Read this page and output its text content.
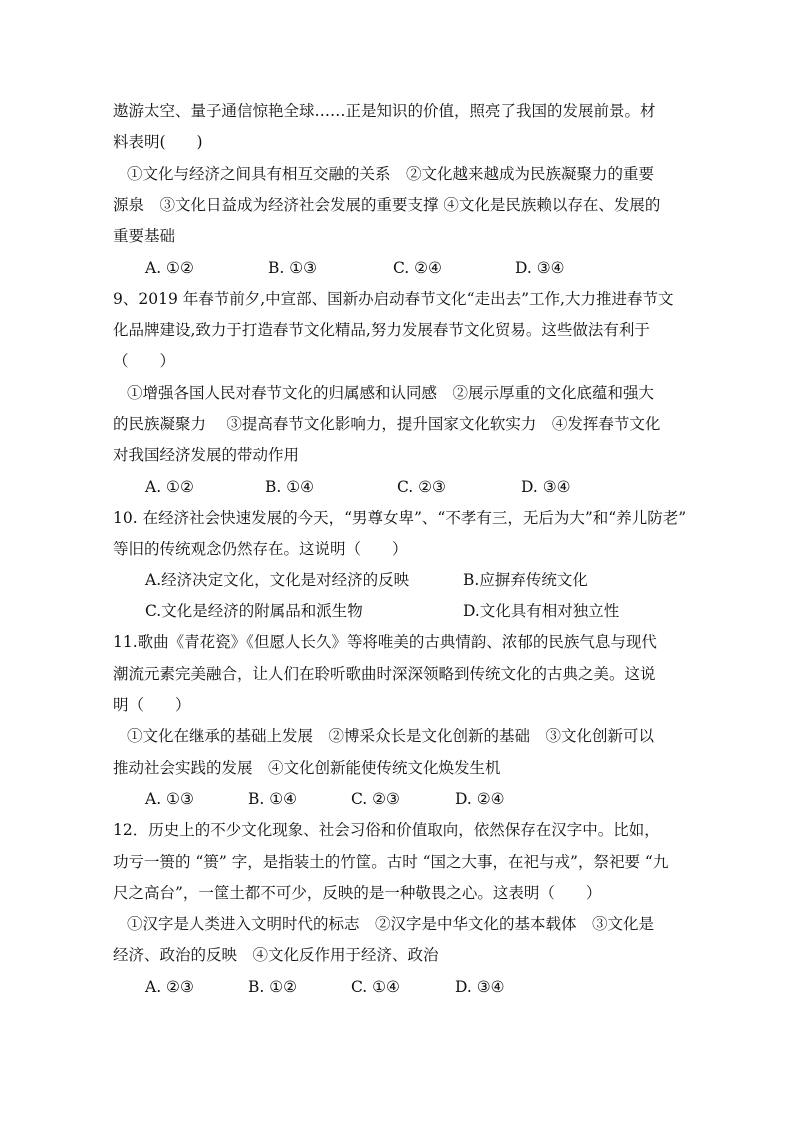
遨游太空、量子通信惊艳全球……正是知识的价值，照亮了我国的发展前景。材
料表明(　　)
①文化与经济之间具有相互交融的关系　②文化越来越成为民族凝聚力的重要
源泉　③文化日益成为经济社会发展的重要支撑 ④文化是民族赖以存在、发展的
重要基础
A. ①②	B. ①③	C. ②④	D. ③④
9、2019 年春节前夕,中宣部、国新办启动春节文化“走出去”工作,大力推进春节文
化品牌建设,致力于打造春节文化精品,努力发展春节文化贸易。这些做法有利于
（　　）
①增强各国人民对春节文化的归属感和认同感　②展示厚重的文化底蕴和强大
的民族凝聚力　 ③提高春节文化影响力，提升国家文化软实力　④发挥春节文化
对我国经济发展的带动作用
A. ①②	B. ①④	C. ②③	D. ③④
10. 在经济社会快速发展的今天，“男尊女卑”、“不孝有三，无后为大”和“养儿防老”
等旧的传统观念仍然存在。这说明（　　）
A.经济决定文化，文化是对经济的反映	B.应摒弃传统文化
C.文化是经济的附属品和派生物	D.文化具有相对独立性
11.歌曲《青花瓷》《但愿人长久》等将唯美的古典情韵、浓郁的民族气息与现代
潮流元素完美融合，让人们在聆听歌曲时深深领略到传统文化的古典之美。这说
明（　　）
①文化在继承的基础上发展　②博采众长是文化创新的基础　③文化创新可以
推动社会实践的发展　④文化创新能使传统文化焕发生机
A. ①③	B. ①④	C. ②③	D. ②④
12．历史上的不少文化现象、社会习俗和价值取向，依然保存在汉字中。比如，
功亏一篑的 “篑” 字，是指装土的竹筐。古时 “国之大事，在祀与戎”，祭祀要 “九
尺之高台”，一筐土都不可少，反映的是一种敬畏之心。这表明（　　）
①汉字是人类进入文明时代的标志　②汉字是中华文化的基本载体　③文化是
经济、政治的反映　④文化反作用于经济、政治
A. ②③	B. ①②	C. ①④	D. ③④
